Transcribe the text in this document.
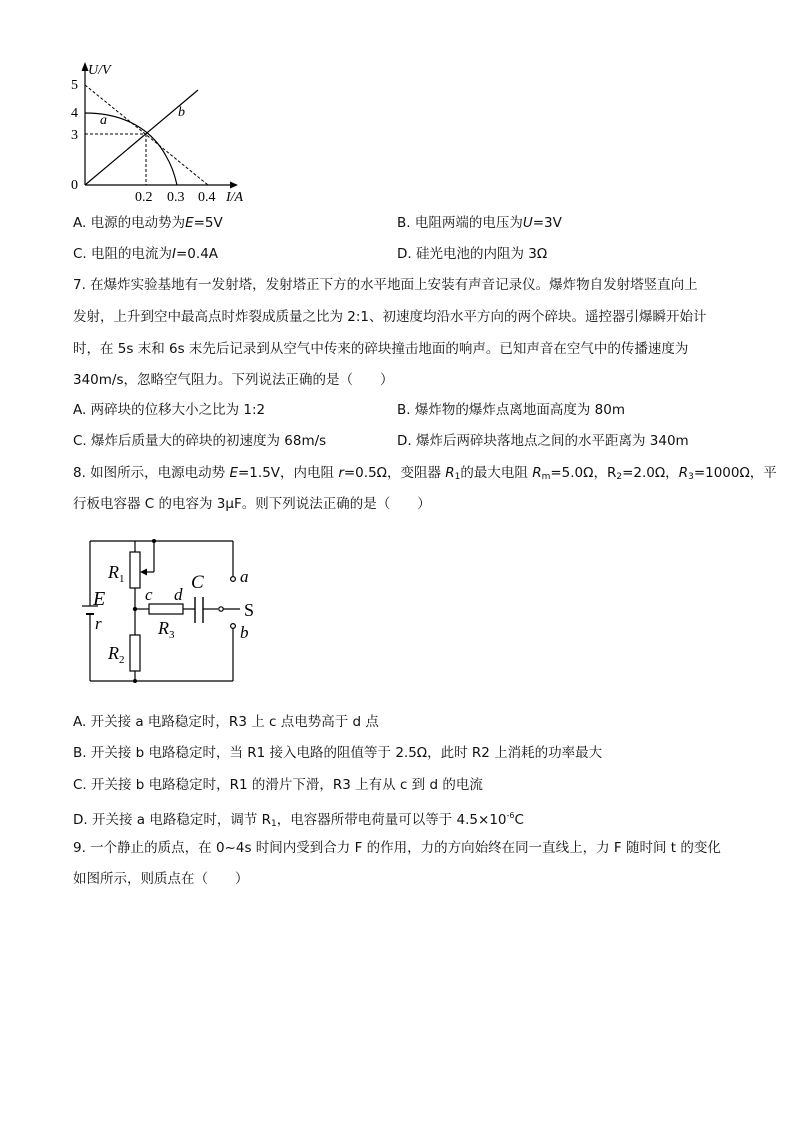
U/V
5
4
3
0
0.2 0.3 0.4 I/A
a
b
A. 电源的电动势为E=5V	B. 电阻两端的电压为U=3V
C. 电阻的电流为I=0.4A	D. 硅光电池的内阻为 3Ω
7. 在爆炸实验基地有一发射塔，发射塔正下方的水平地面上安装有声音记录仪。爆炸物自发射塔竖直向上
发射，上升到空中最高点时炸裂成质量之比为 2:1、初速度均沿水平方向的两个碎块。遥控器引爆瞬开始计
时，在 5s 末和 6s 末先后记录到从空气中传来的碎块撞击地面的响声。已知声音在空气中的传播速度为
340m/s，忽略空气阻力。下列说法正确的是（　　）
A. 两碎块的位移大小之比为 1:2	B. 爆炸物的爆炸点离地面高度为 80m
C. 爆炸后质量大的碎块的初速度为 68m/s	D. 爆炸后两碎块落地点之间的水平距离为 340m
8. 如图所示，电源电动势 E=1.5V，内电阻 r=0.5Ω，变阻器 $R_1$的最大电阻 $R_m=5.0\Omega$，$R_2=2.0\Omega$，$R_3=1000\Omega$，平
行板电容器 C 的电容为 3μF。则下列说法正确的是（　　）
$R_1$
$R_2$
$R_3$
E
r
C
c d
a
b
S
A. 开关接 a 电路稳定时，R3 上 c 点电势高于 d 点
B. 开关接 b 电路稳定时，当 R1 接入电路的阻值等于 2.5Ω，此时 R2 上消耗的功率最大
C. 开关接 b 电路稳定时，R1 的滑片下滑，R3 上有从 c 到 d 的电流
D. 开关接 a 电路稳定时，调节 $R_1$，电容器所带电荷量可以等于 $4.5\times 10^{-6}C$
9. 一个静止的质点，在 0~4s 时间内受到合力 F 的作用，力的方向始终在同一直线上，力 F 随时间 t 的变化
如图所示，则质点在（　　）
